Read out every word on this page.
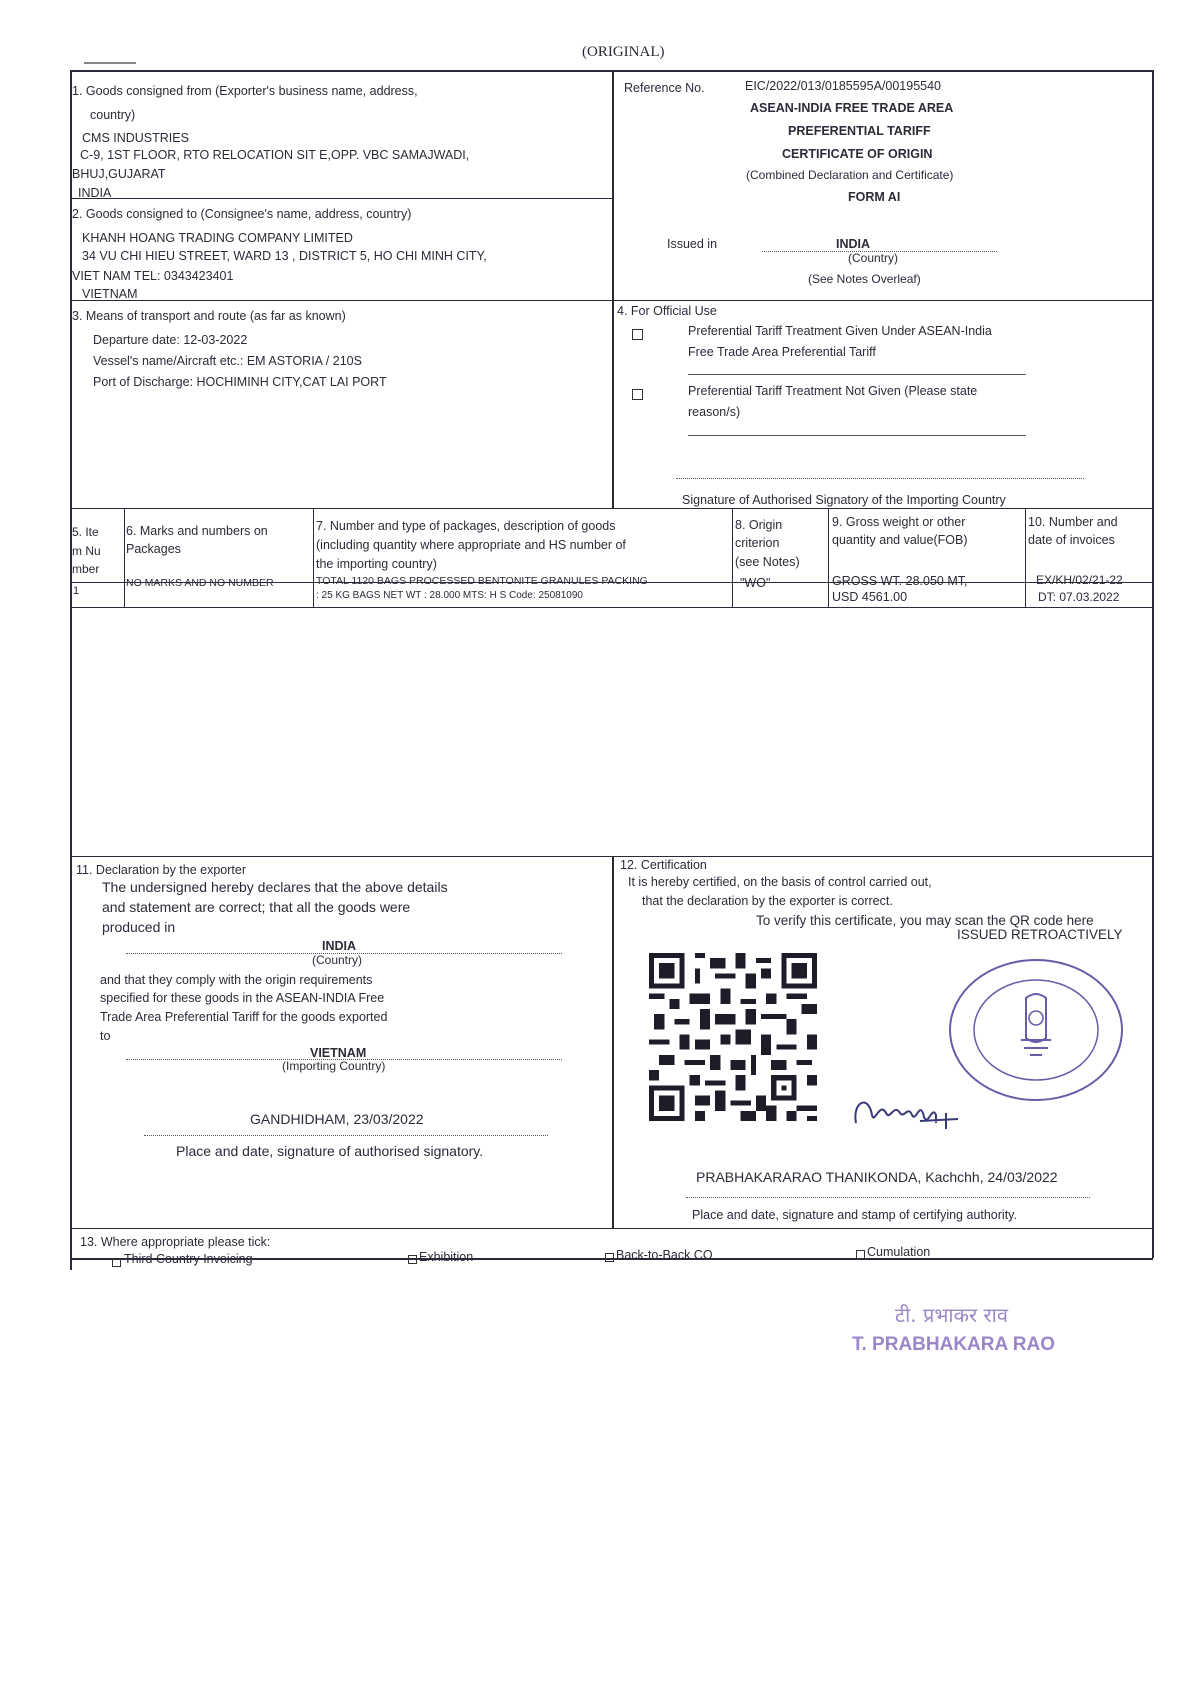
(ORIGINAL)
1. Goods consigned from (Exporter's business name, address,
country)
CMS INDUSTRIES
C-9, 1ST FLOOR, RTO RELOCATION SIT E,OPP. VBC SAMAJWADI,
BHUJ,GUJARAT
INDIA
2. Goods consigned to (Consignee's name, address, country)
KHANH HOANG TRADING COMPANY LIMITED
34 VU CHI HIEU STREET, WARD 13 , DISTRICT 5, HO CHI MINH CITY,
VIET NAM TEL: 0343423401
VIETNAM
Reference No.	EIC/2022/013/0185595A/00195540
ASEAN-INDIA FREE TRADE AREA
PREFERENTIAL TARIFF
CERTIFICATE OF ORIGIN
(Combined Declaration and Certificate)
FORM AI
Issued in	INDIA
(Country)
(See Notes Overleaf)
3. Means of transport and route (as far as known)
Departure date: 12-03-2022
Vessel's name/Aircraft etc.: EM ASTORIA / 210S
Port of Discharge: HOCHIMINH CITY,CAT LAI PORT
4. For Official Use
Preferential Tariff Treatment Given Under ASEAN-India
Free Trade Area Preferential Tariff
Preferential Tariff Treatment Not Given (Please state
reason/s)
Signature of Authorised Signatory of the Importing Country
5. Ite
m Nu
mber
6. Marks and numbers on
Packages
7. Number and type of packages, description of goods
(including quantity where appropriate and HS number of
the importing country)
8. Origin
criterion
(see Notes)
9. Gross weight or other
quantity and value(FOB)
10. Number and
date of invoices
1
NO MARKS AND NO NUMBER	TOTAL 1120 BAGS PROCESSED BENTONITE GRANULES PACKING
: 25 KG BAGS NET WT : 28.000 MTS: H S Code: 25081090
"WO"	GROSS WT. 28.050 MT,
USD 4561.00
EX/KH/02/21-22
DT: 07.03.2022
11. Declaration by the exporter
The undersigned hereby declares that the above details
and statement are correct; that all the goods were
produced in
INDIA
(Country)
and that they comply with the origin requirements
specified for these goods in the ASEAN-INDIA Free
Trade Area Preferential Tariff for the goods exported
to
VIETNAM
(Importing Country)
GANDHIDHAM, 23/03/2022
Place and date, signature of authorised signatory.
12. Certification
It is hereby certified, on the basis of control carried out,
that the declaration by the exporter is correct.
To verify this certificate, you may scan the QR code here
ISSUED RETROACTIVELY
PRABHAKARARAO THANIKONDA, Kachchh, 24/03/2022
Place and date, signature and stamp of certifying authority.
13. Where appropriate please tick:
Third Country Invoicing	Exhibition	Back-to-Back CO	Cumulation
टी. प्रभाकर राव
T. PRABHAKARA RAO
